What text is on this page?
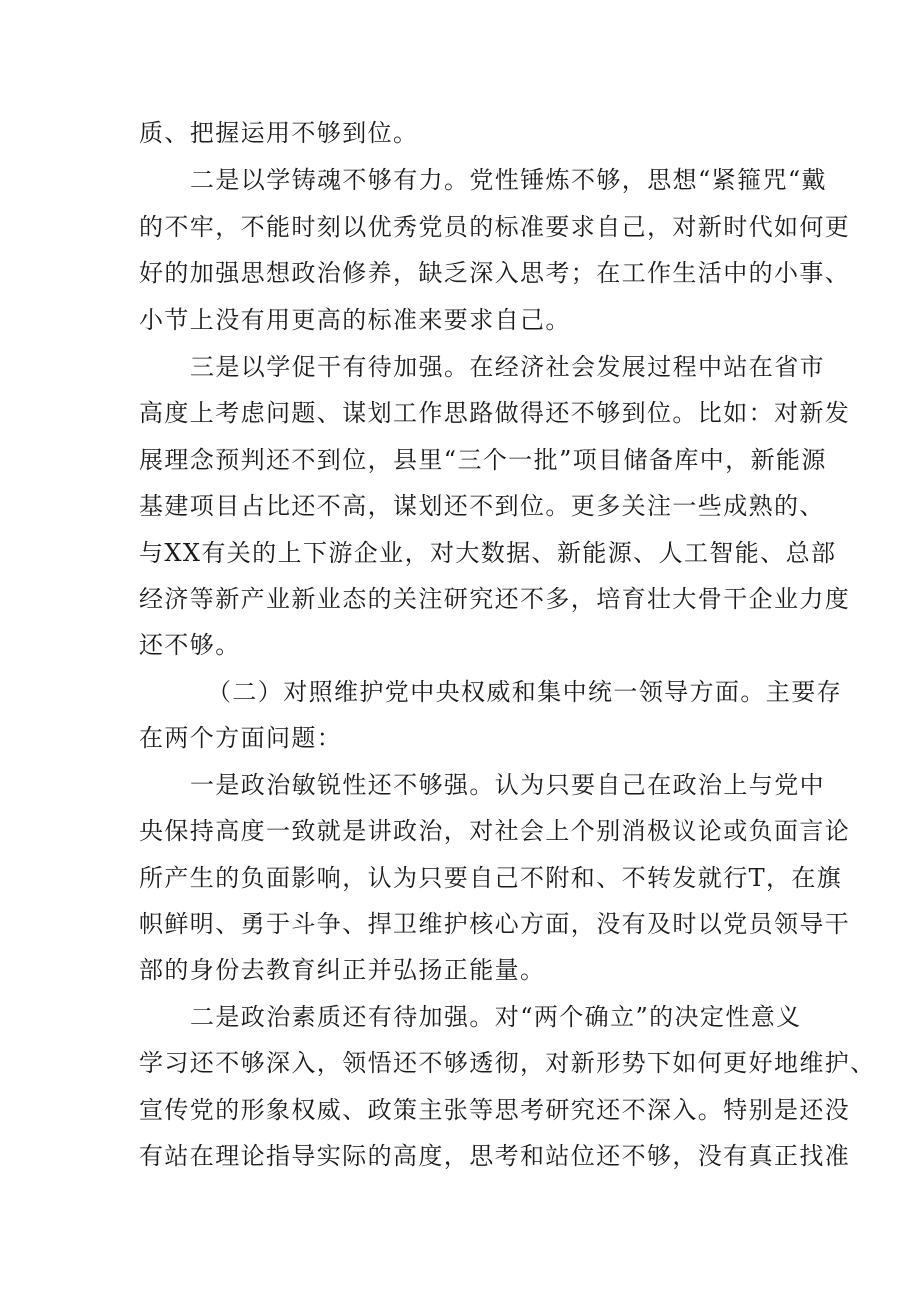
质、把握运用不够到位。
二是以学铸魂不够有力。党性锤炼不够，思想“紧箍咒“戴
的不牢，不能时刻以优秀党员的标准要求自己，对新时代如何更
好的加强思想政治修养，缺乏深入思考；在工作生活中的小事、
小节上没有用更高的标准来要求自己。
三是以学促干有待加强。在经济社会发展过程中站在省市
高度上考虑问题、谋划工作思路做得还不够到位。比如：对新发
展理念预判还不到位，县里“三个一批”项目储备库中，新能源
基建项目占比还不高，谋划还不到位。更多关注一些成熟的、
与XX有关的上下游企业，对大数据、新能源、人工智能、总部
经济等新产业新业态的关注研究还不多，培育壮大骨干企业力度
还不够。
（二）对照维护党中央权威和集中统一领导方面。主要存
在两个方面问题：
一是政治敏锐性还不够强。认为只要自己在政治上与党中
央保持高度一致就是讲政治，对社会上个别消极议论或负面言论
所产生的负面影响，认为只要自己不附和、不转发就行T，在旗
帜鲜明、勇于斗争、捍卫维护核心方面，没有及时以党员领导干
部的身份去教育纠正并弘扬正能量。
二是政治素质还有待加强。对“两个确立”的决定性意义
学习还不够深入，领悟还不够透彻，对新形势下如何更好地维护、
宣传党的形象权威、政策主张等思考研究还不深入。特别是还没
有站在理论指导实际的高度，思考和站位还不够，没有真正找准
